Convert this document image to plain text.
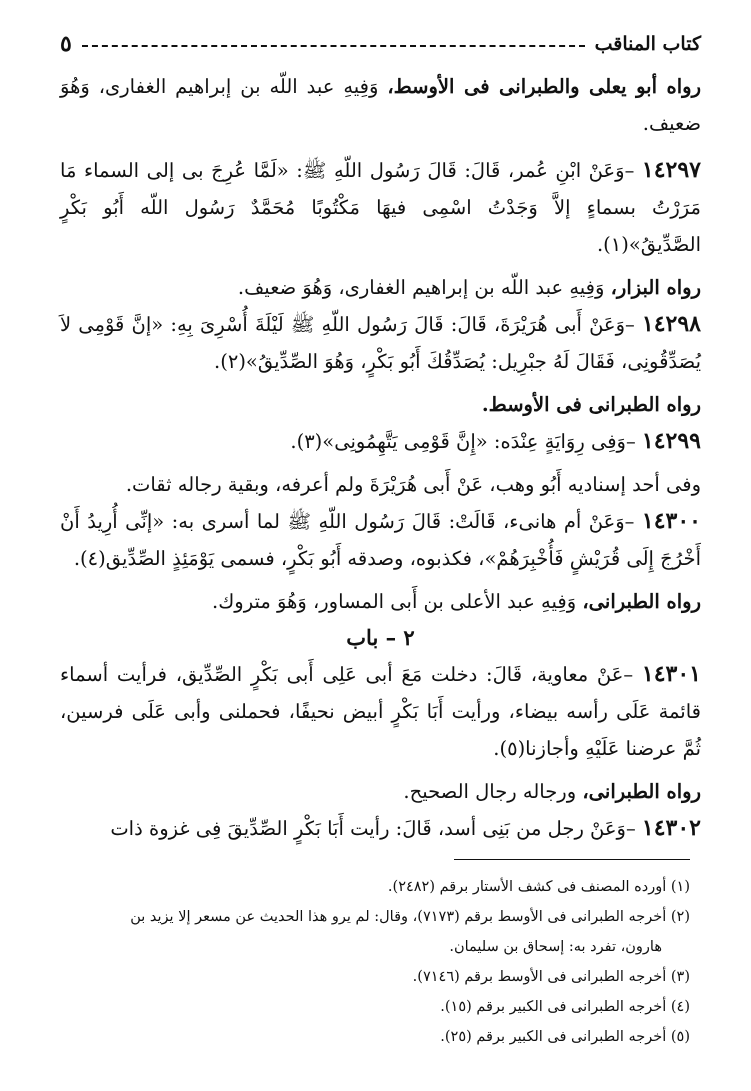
كتاب المناقب
٥

رواه أبو يعلى والطبرانى فى الأوسط، وَفِيهِ عبد اللّه بن إبراهيم الغفارى، وَهُوَ ضعيف.

١٤٢٩٧ –وَعَنْ ابْنِ عُمر، قَالَ: قَالَ رَسُول اللّهِ ﷺ: «لَمَّا عُرِجَ بى إلى السماء مَا مَرَرْتُ بسماءٍ إلاَّ وَجَدْتُ اسْمِى فيهَا مَكْتُوبًا مُحَمَّدٌ رَسُول اللّه أَبُو بَكْرٍ الصَّدِّيقُ»(١).

رواه البزار، وَفِيهِ عبد اللّه بن إبراهيم الغفارى، وَهُوَ ضعيف.

١٤٢٩٨ –وَعَنْ أَبى هُرَيْرَةَ، قَالَ: قَالَ رَسُول اللّهِ ﷺ لَيْلَةَ أُسْرِىَ بِهِ: «إنَّ قَوْمِى لاَ يُصَدِّقُونِى، فَقَالَ لَهُ جبْرِيل: يُصَدِّقُكَ أَبُو بَكْرٍ، وَهُوَ الصِّدِّيقُ»(٢).

رواه الطبرانى فى الأوسط.

١٤٢٩٩ –وَفِى رِوَايَةٍ عِنْدَه: «إِنَّ قَوْمِى يَتَّهِمُونِى»(٣).

وفى أحد إسناديه أَبُو وهب، عَنْ أَبى هُرَيْرَةَ ولم أعرفه، وبقية رجاله ثقات.

١٤٣٠٠ –وَعَنْ أم هانىء، قَالَتْ: قَالَ رَسُول اللّهِ ﷺ لما أسرى به: «إنِّى أُرِيدُ أَنْ أَخْرُجَ إِلَى قُرَيْشٍ فَأُخْبِرَهُمْ»، فكذبوه، وصدقه أَبُو بَكْرٍ، فسمى يَوْمَئِذٍ الصِّدِّيق(٤).

رواه الطبرانى، وَفِيهِ عبد الأعلى بن أَبى المساور، وَهُوَ متروك.

٢ – باب

١٤٣٠١ –عَنْ معاوية، قَالَ: دخلت مَعَ أبى عَلِى أَبى بَكْرٍ الصِّدِّيق، فرأيت أسماء قائمة عَلَى رأسه بيضاء، ورأيت أَبَا بَكْرٍ أبيض نحيفًا، فحملنى وأبى عَلَى فرسين، ثُمَّ عرضنا عَلَيْهِ وأجازنا(٥).

رواه الطبرانى، ورجاله رجال الصحيح.

١٤٣٠٢ –وَعَنْ رجل من بَنِى أسد، قَالَ: رأيت أَبَا بَكْرٍ الصِّدِّيقَ فِى غزوة ذات

(١) أورده المصنف فى كشف الأستار برقم (٢٤٨٢).

(٢) أخرجه الطبرانى فى الأوسط برقم (٧١٧٣)، وقال: لم يرو هذا الحديث عن مسعر إلا يزيد بن

هارون، تفرد به: إسحاق بن سليمان.

(٣) أخرجه الطبرانى فى الأوسط برقم (٧١٤٦).

(٤) أخرجه الطبرانى فى الكبير برقم (١٥).

(٥) أخرجه الطبرانى فى الكبير برقم (٢٥).
